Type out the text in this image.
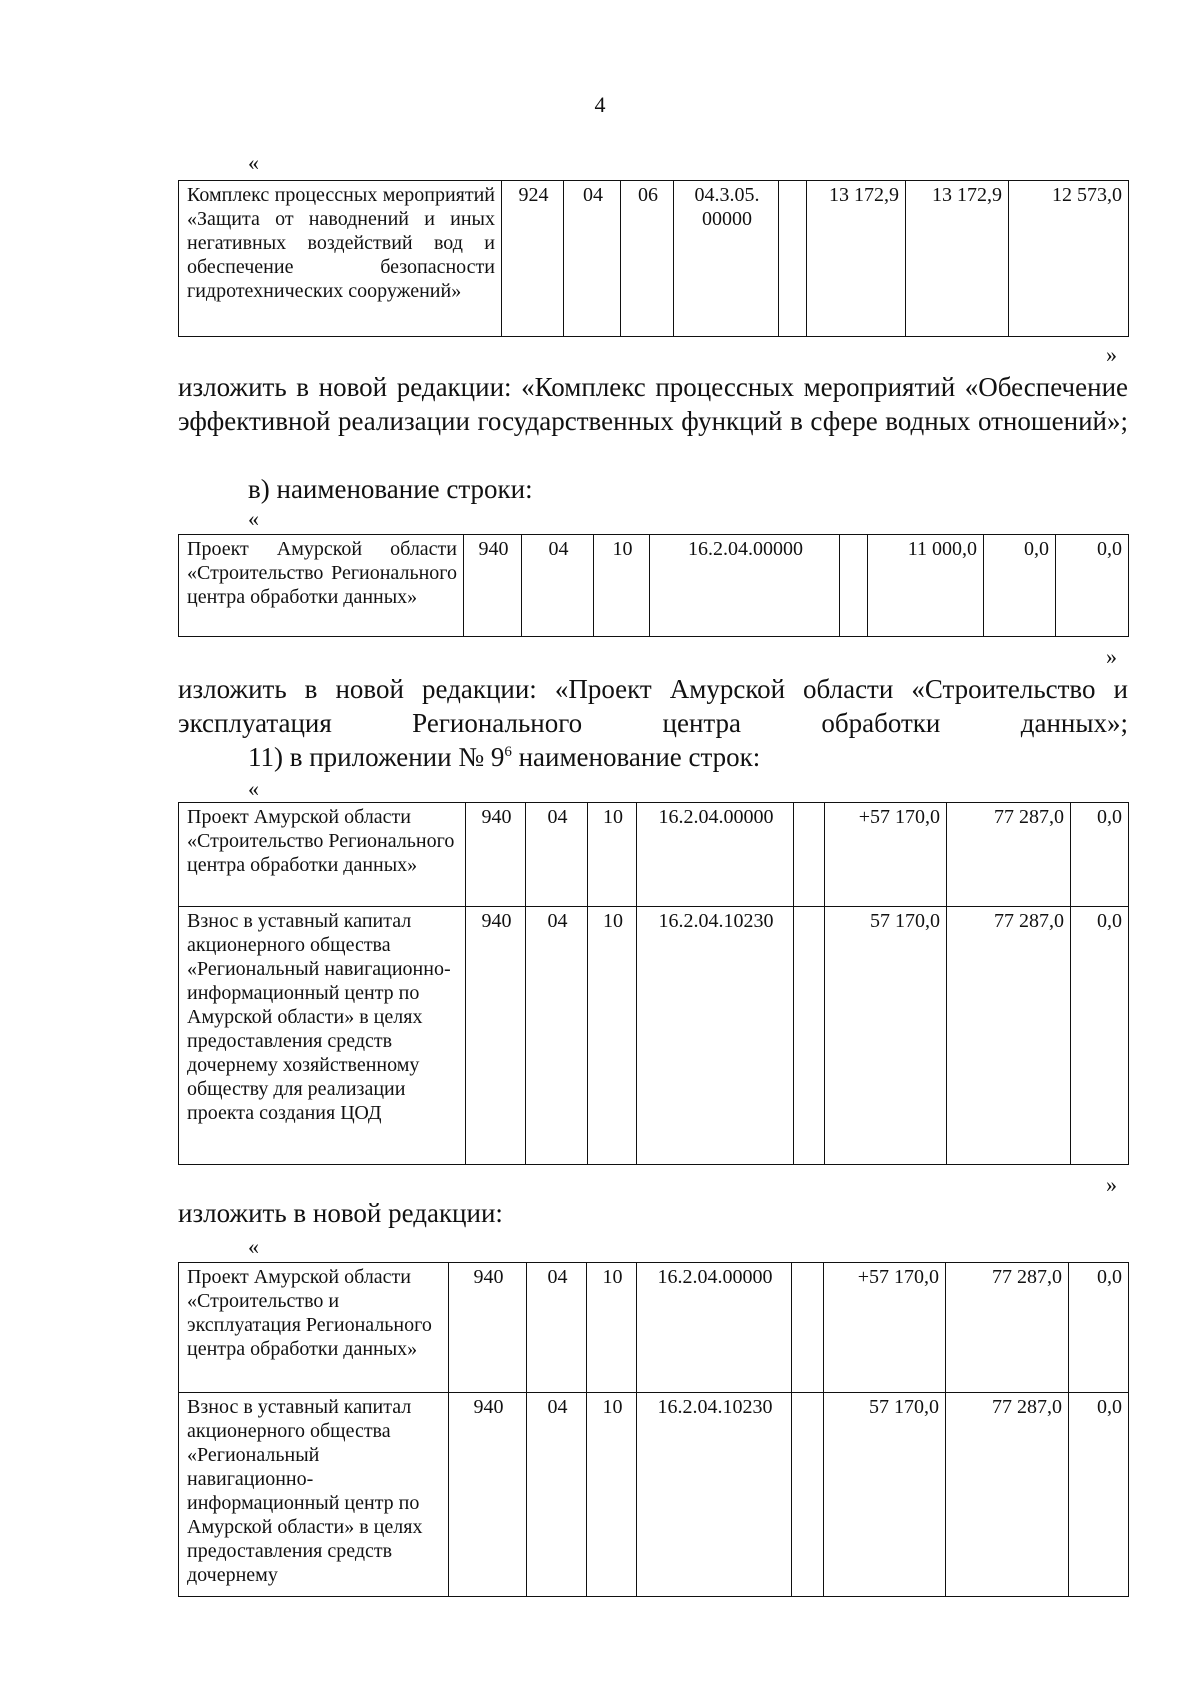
4
«
Комплекс процессных мероприятий «Защита от наводнений и иных негативных воздействий вод и обеспечение безопасности гидротехнических сооружений»	924	04	06	04.3.05. 00000		13 172,9	13 172,9	12 573,0
»
изложить в новой редакции: «Комплекс процессных мероприятий «Обеспечение эффективной реализации государственных функций в сфере водных отношений»;
в) наименование строки:
«
Проект Амурской области «Строительство Регионального центра обработки данных»	940	04	10	16.2.04.00000		11 000,0	0,0	0,0
»
изложить в новой редакции: «Проект Амурской области «Строительство и эксплуатация Регионального центра обработки данных»;
11) в приложении № $9^6$ наименование строк:
«
Проект Амурской области «Строительство Регионального центра обработки данных»	940	04	10	16.2.04.00000		+57 170,0	77 287,0	0,0
Взнос в уставный капитал акционерного общества «Региональный навигационно-информационный центр по Амурской области» в целях предоставления средств дочернему хозяйственному обществу для реализации проекта создания ЦОД	940	04	10	16.2.04.10230		57 170,0	77 287,0	0,0
»
изложить в новой редакции:
«
Проект Амурской области «Строительство и эксплуатация Регионального центра обработки данных»	940	04	10	16.2.04.00000		+57 170,0	77 287,0	0,0
Взнос в уставный капитал акционерного общества «Региональный навигационно-информационный центр по Амурской области» в целях предоставления средств дочернему	940	04	10	16.2.04.10230		57 170,0	77 287,0	0,0
